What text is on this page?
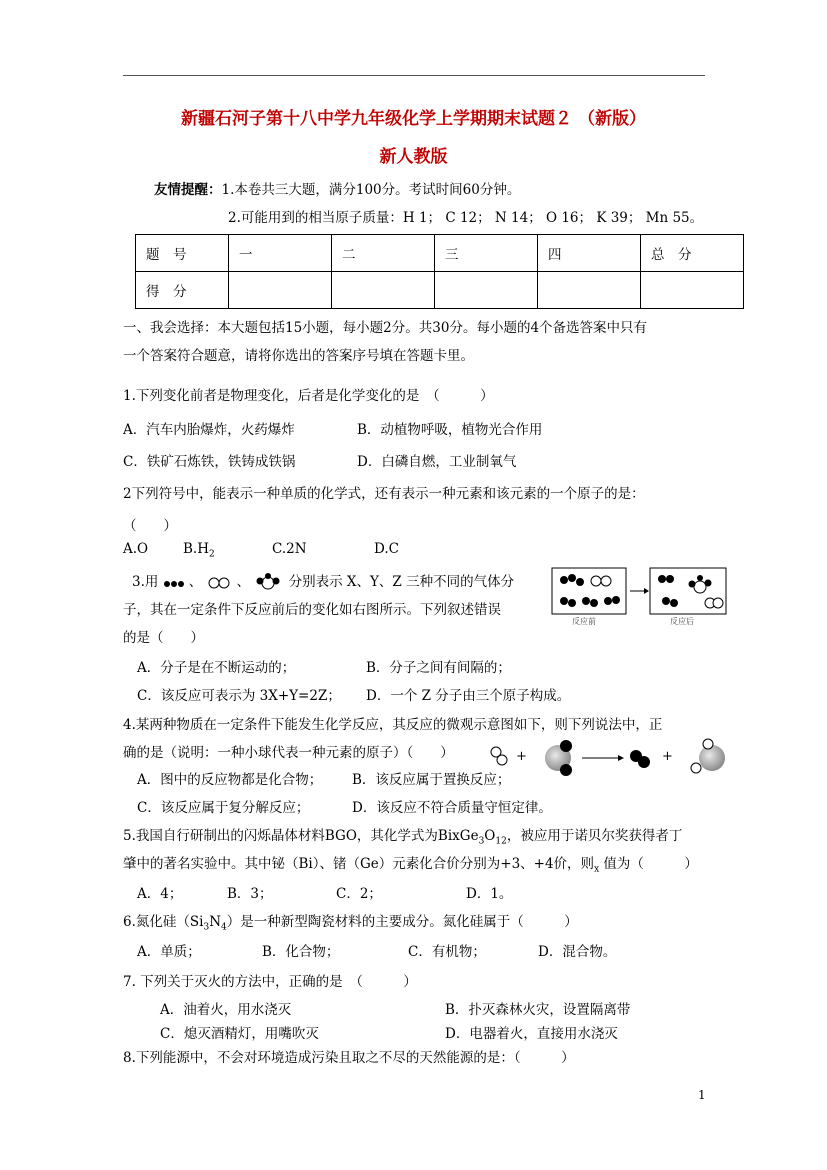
新疆石河子第十八中学九年级化学上学期期末试题２ （新版）
新人教版
友情提醒：1.本卷共三大题，满分100分。考试时间60分钟。
2.可能用到的相当原子质量：H 1； C 12； N 14； O 16； K 39； Mn 55。
题　号	一	二	三	四	总　分
得　分					
一、我会选择：本大题包括15小题，每小题2分。共30分。每小题的4个备选答案中只有
一个答案符合题意，请将你选出的答案序号填在答题卡里。
1.下列变化前者是物理变化，后者是化学变化的是　（　　　）
A．汽车内胎爆炸，火药爆炸	B．动植物呼吸，植物光合作用
C．铁矿石炼铁，铁铸成铁锅	D．白磷自燃，工业制氧气
2下列符号中，能表示一种单质的化学式，还有表示一种元素和该元素的一个原子的是：
（　　）
A.O	$B.H_2$	C.2N	D.C
3.用 、	、	分别表示 X、Y、Z 三种不同的气体分
子，其在一定条件下反应前后的变化如右图所示。下列叙述错误
的是（　　）
反应前	反应后
A．分子是在不断运动的；	B．分子之间有间隔的；
C．该反应可表示为 3X+Y=2Z； D．一个 Z 分子由三个原子构成。
4.某两种物质在一定条件下能发生化学反应，其反应的微观示意图如下，则下列说法中，正
确的是（说明：一种小球代表一种元素的原子）（　　）	+	+
A．图中的反应物都是化合物； B．该反应属于置换反应；
C．该反应属于复分解反应；	D．该反应不符合质量守恒定律。
5.我国自行研制出的闪烁晶体材料BGO，其化学式为$BixGe_3O_{12}$，被应用于诺贝尔奖获得者丁
肇中的著名实验中。其中铋（Bi）、锗（Ge）元素化合价分别为+3、+4价，则$_x$ 值为（　　　）
A．4；	B．3；	C．2；	D．1。
6.氮化硅$(Si_3N_4)$是一种新型陶瓷材料的主要成分。氮化硅属于（　　　）
A．单质；	B．化合物；	C．有机物；	D．混合物。
7. 下列关于灭火的方法中，正确的是　（　　　）
A．油着火，用水浇灭	B．扑灭森林火灾，设置隔离带
C．熄灭酒精灯，用嘴吹灭	D．电器着火，直接用水浇灭
8.下列能源中，不会对环境造成污染且取之不尽的天然能源的是：（　　　）
1
